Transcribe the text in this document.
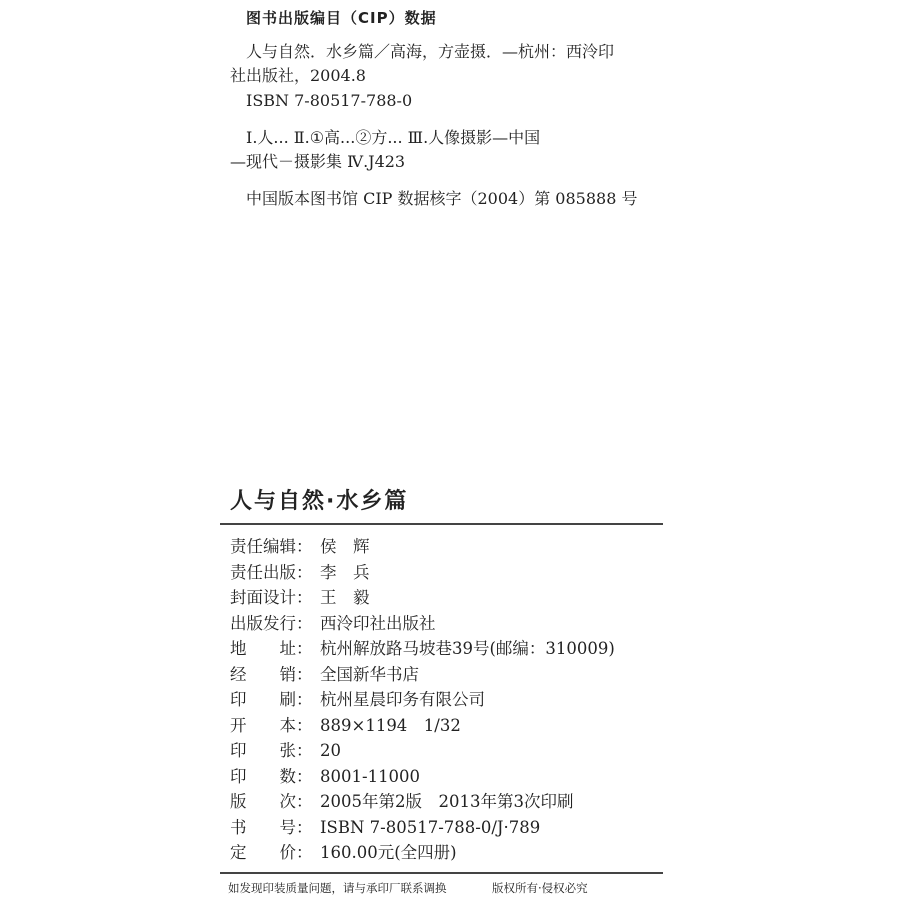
图书出版编目（CIP）数据
人与自然．水乡篇／高海，方壶摄．—杭州：西泠印
社出版社，2004.8
ISBN 7-80517-788-0
Ⅰ.人... Ⅱ.①高...②方... Ⅲ.人像摄影—中国
—现代－摄影集 Ⅳ.J423
中国版本图书馆 CIP 数据核字（2004）第 085888 号
人与自然·水乡篇
责任编辑： 侯　辉
责任出版： 李　兵
封面设计： 王　毅
出版发行： 西泠印社出版社
地　　址： 杭州解放路马坡巷39号(邮编：310009)
经　　销： 全国新华书店
印　　刷： 杭州星晨印务有限公司
开　　本： 889×1194　1/32
印　　张： 20
印　　数： 8001-11000
版　　次： 2005年第2版　2013年第3次印刷
书　　号： ISBN 7-80517-788-0/J·789
定　　价： 160.00元(全四册)
如发现印装质量问题，请与承印厂联系调换	版权所有·侵权必究
